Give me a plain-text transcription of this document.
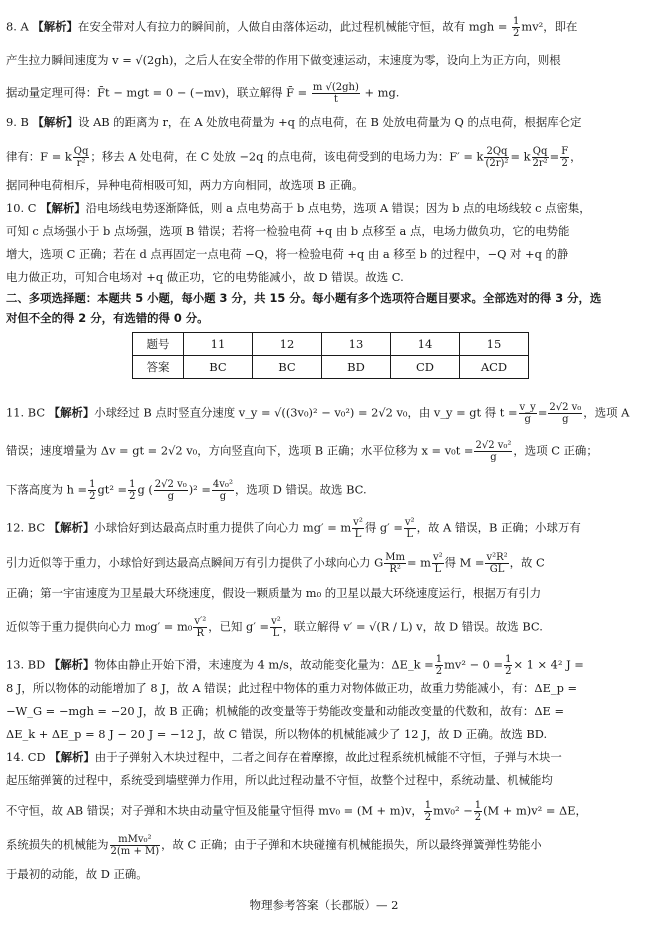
8. A 【解析】在安全带对人有拉力的瞬间前，人做自由落体运动，此过程机械能守恒，故有 mgh = $\frac{1}{2} mv^2$，即在
产生拉力瞬间速度为 v = √(2gh)，之后人在安全带的作用下做变速运动，末速度为零，设向上为正方向，则根
据动量定理可得：F̄t − mgt = 0 − (−mv)，联立解得 F̄ = $\frac{m √(2gh)}{t}$ + mg.
9. B 【解析】设 AB 的距离为 r，在 A 处放电荷量为 +q 的点电荷，在 B 处放电荷量为 Q 的点电荷，根据库仑定
律有：F = k $\frac{Qq}{\text{r²}}$ ；移去 A 处电荷，在 C 处放 −2q 的点电荷，该电荷受到的电场力为：F′ = k $\frac{2Qq}{\text{(2r)²}} = k \frac{Qq}{\text{2r²}} = \frac{F}{2}$ ，
据同种电荷相斥，异种电荷相吸可知，两力方向相同，故选项 B 正确。
10. C 【解析】沿电场线电势逐渐降低，则 a 点电势高于 b 点电势，选项 A 错误；因为 b 点的电场线较 c 点密集，
可知 c 点场强小于 b 点场强，选项 B 错误；若将一检验电荷 +q 由 b 点移至 a 点，电场力做负功，它的电势能
增大，选项 C 正确；若在 d 点再固定一点电荷 −Q，将一检验电荷 +q 由 a 移至 b 的过程中，−Q 对 +q 的静
电力做正功，可知合电场对 +q 做正功，它的电势能减小，故 D 错误。故选 C.
二、多项选择题：本题共 5 小题，每小题 3 分，共 15 分。每小题有多个选项符合题目要求。全部选对的得 3 分，选
对但不全的得 2 分，有选错的得 0 分。
题号	11	12	13	14	15
答案	BC	BC	BD	CD	ACD
11. BC 【解析】小球经过 B 点时竖直分速度 v_y = √((3v₀)² − v₀²) = 2√2 v₀，由 v_y = gt 得 $t = \frac{v\_y}{g} = \frac{\text{2√2 v₀}}{g}$ ，选项 A
错误；速度增量为 Δv = gt = 2√2 v₀，方向竖直向下，选项 B 正确；水平位移为 $x = v_0t = \frac{\text{2√2 v₀²}}{g}$ ，选项 C 正确；
下落高度为 $h = \frac{1}{2} gt^2 = \frac{1}{2}$ g ( $\frac{\text{2√2 v₀}}{g} )^2 = \frac{\text{4v₀²}}{g}$ ，选项 D 错误。故选 BC.
12. BC 【解析】小球恰好到达最高点时重力提供了向心力 mg′ = m $\frac{\text{v²}}{L}$ 得 $g' = \frac{\text{v²}}{L}$ ，故 A 错误，B 正确；小球万有
引力近似等于重力，小球恰好到达最高点瞬间万有引力提供了小球向心力 G $\frac{Mm}{\text{R²}} = m \frac{\text{v²}}{L}$ 得 $M = \frac{\text{v²R²}}{GL}$ ，故 C
正确；第一宇宙速度为卫星最大环绕速度，假设一颗质量为 m₀ 的卫星以最大环绕速度运行，根据万有引力
近似等于重力提供向心力 $m_0g' = m_0 \frac{\text{v′²}}{R}$ ，已知 $g' = \frac{\text{v²}}{L}$ ，联立解得 v′ = √(R / L) v，故 D 错误。故选 BC.
13. BD 【解析】物体由静止开始下滑，末速度为 4 m/s，故动能变化量为：ΔE_k = $\frac{1}{2} mv^2 - 0 = \frac{1}{2} \times 1 \times 4^2$ J =
8 J，所以物体的动能增加了 8 J，故 A 错误；此过程中物体的重力对物体做正功，故重力势能减小，有：ΔE_p =
−W_G = −mgh = −20 J，故 B 正确；机械能的改变量等于势能改变量和动能改变量的代数和，故有：ΔE =
ΔE_k + ΔE_p = 8 J − 20 J = −12 J，故 C 错误，所以物体的机械能减少了 12 J，故 D 正确。故选 BD.
14. CD 【解析】由于子弹射入木块过程中，二者之间存在着摩擦，故此过程系统机械能不守恒，子弹与木块一
起压缩弹簧的过程中，系统受到墙壁弹力作用，所以此过程动量不守恒，故整个过程中，系统动量、机械能均
不守恒，故 AB 错误；对子弹和木块由动量守恒及能量守恒得 mv₀ = (M + m)v， $\frac{1}{2} mv_0^2 - \frac{1}{2} (M + m)v^2 = \Delta E$，
系统损失的机械能为 $\frac{\text{mMv₀²}}{2(m + M)}$ ，故 C 正确；由于子弹和木块碰撞有机械能损失，所以最终弹簧弹性势能小
于最初的动能，故 D 正确。
物理参考答案（长郡版）— 2
